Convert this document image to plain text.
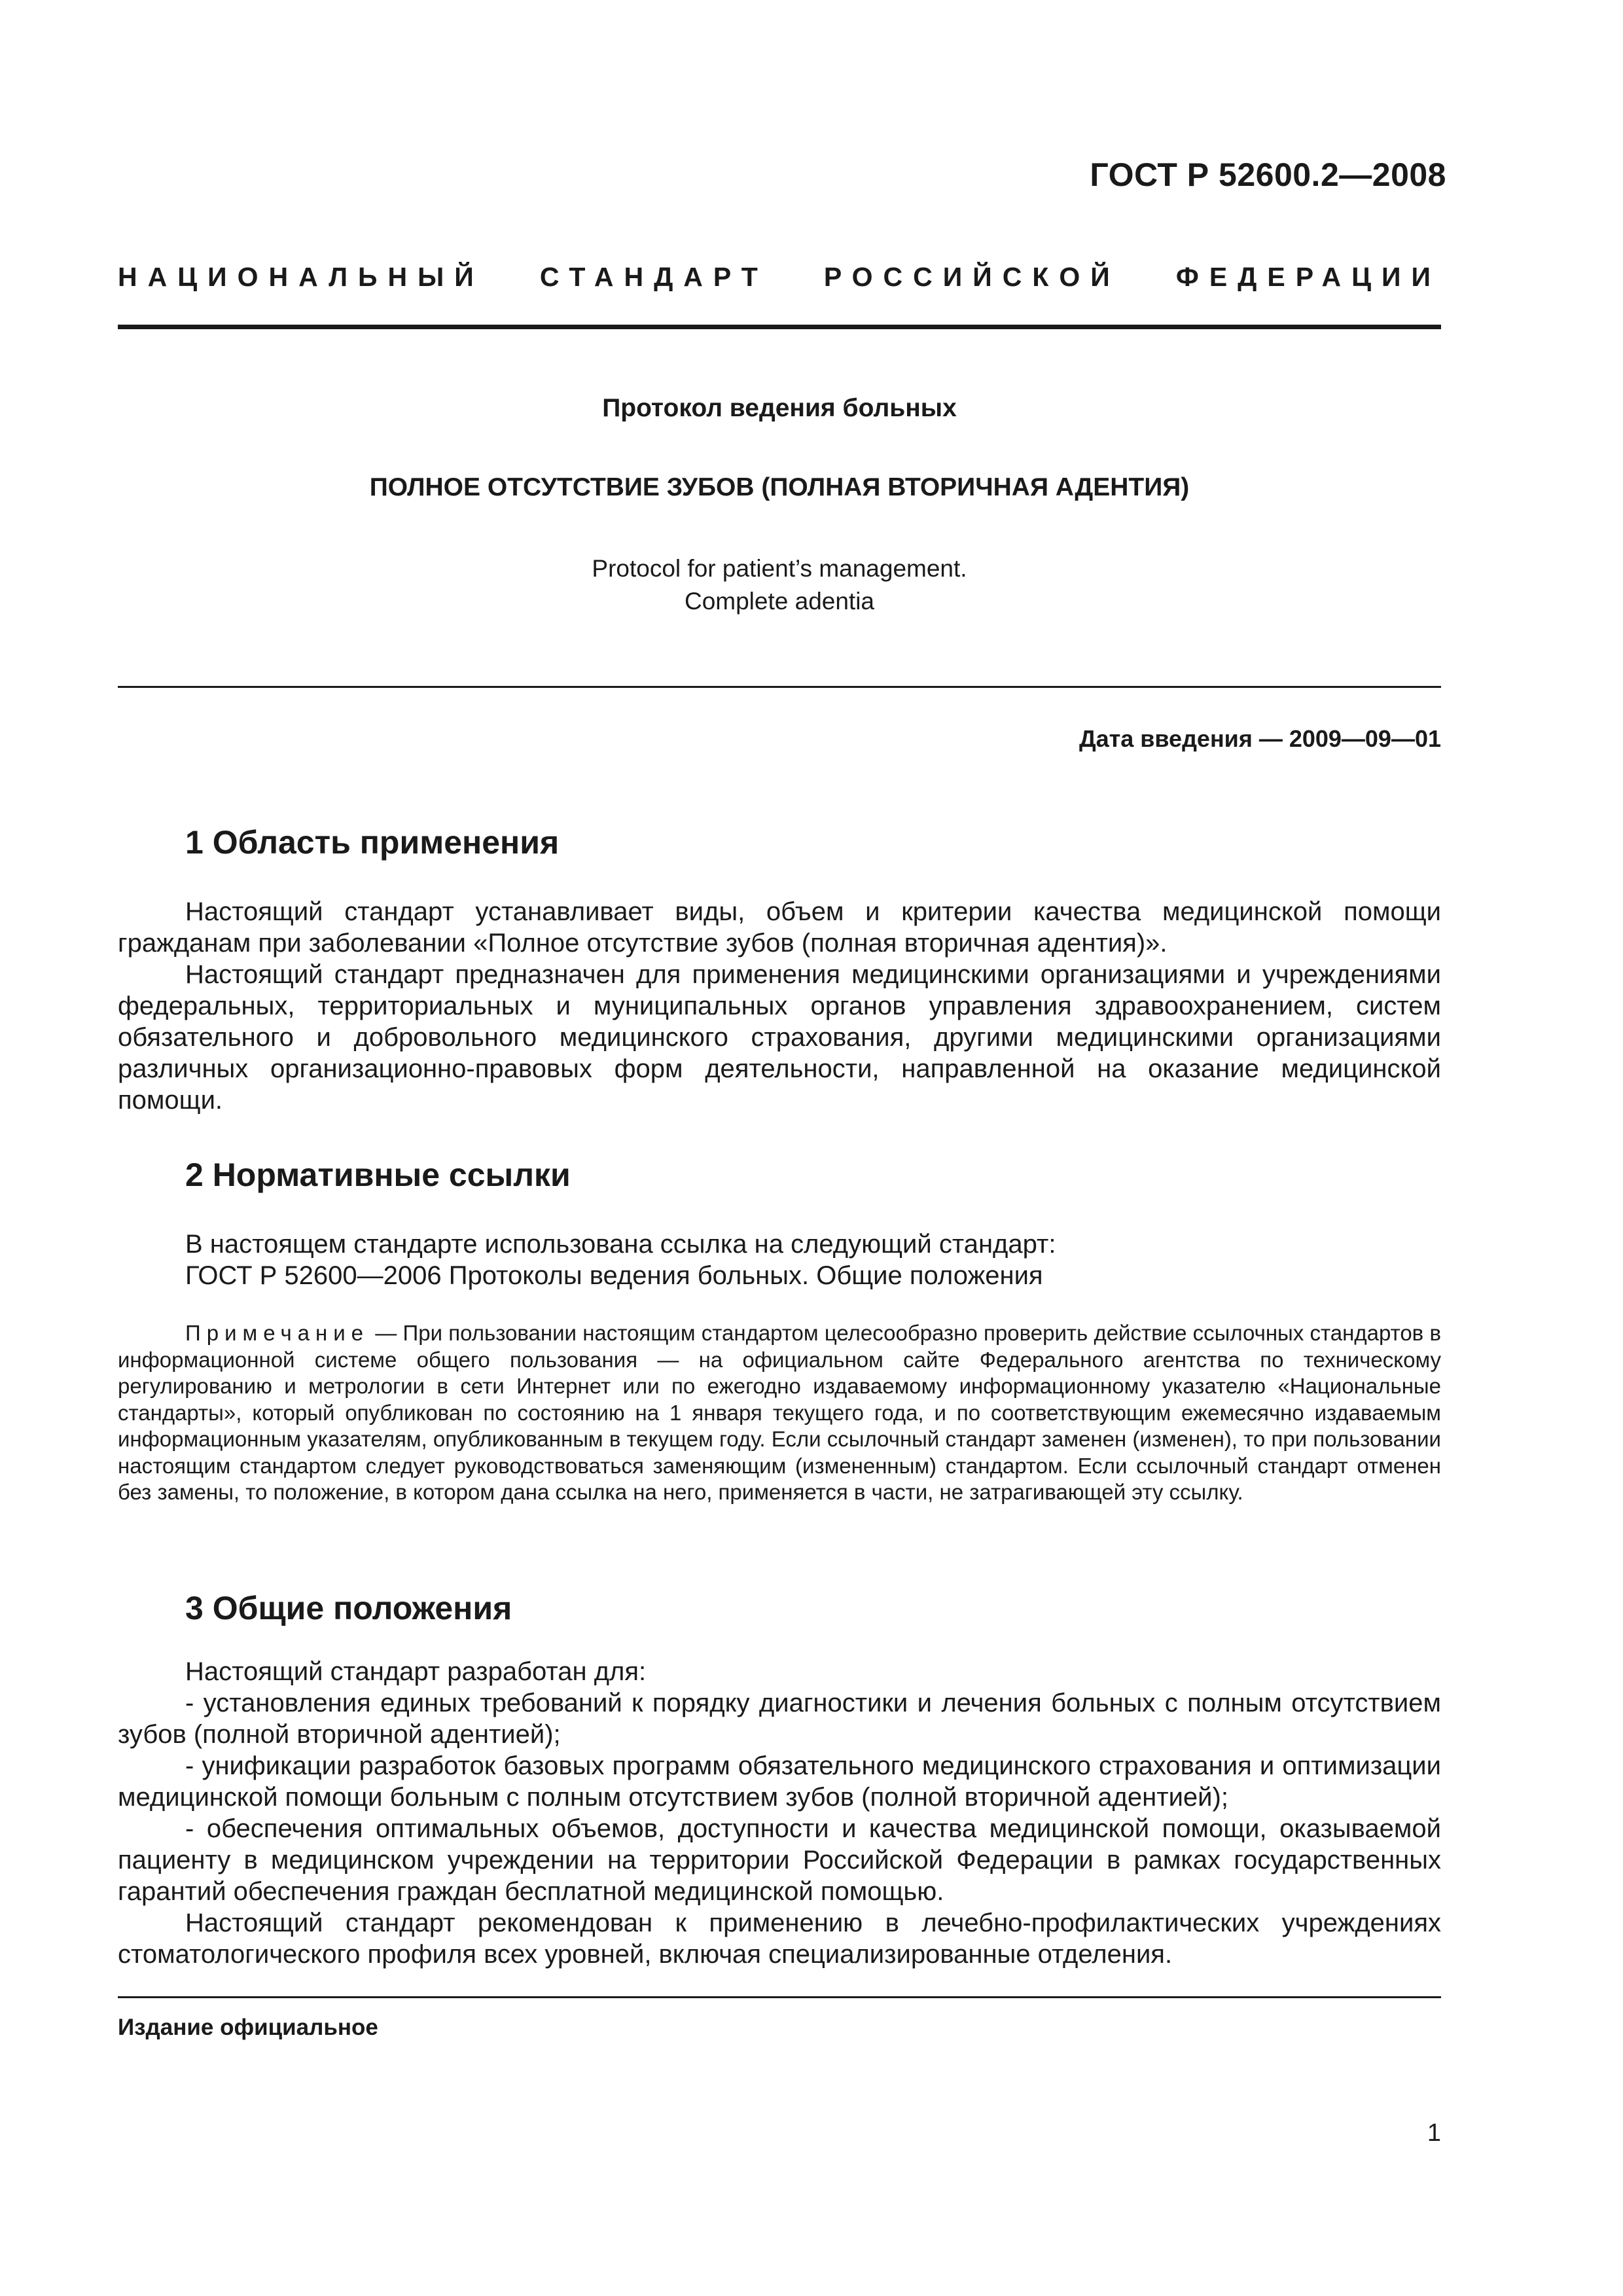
ГОСТ Р 52600.2—2008
НАЦИОНАЛЬНЫЙ СТАНДАРТ РОССИЙСКОЙ ФЕДЕРАЦИИ
Протокол ведения больных
ПОЛНОЕ ОТСУТСТВИЕ ЗУБОВ (ПОЛНАЯ ВТОРИЧНАЯ АДЕНТИЯ)
Protocol for patient’s management.
Complete adentia
Дата введения — 2009—09—01
1 Область применения

Настоящий стандарт устанавливает виды, объем и критерии качества медицинской помощи гражданам при заболевании «Полное отсутствие зубов (полная вторичная адентия)».

Настоящий стандарт предназначен для применения медицинскими организациями и учреждениями федеральных, территориальных и муниципальных органов управления здравоохранением, систем обязательного и добровольного медицинского страхования, другими медицинскими организациями различных организационно-правовых форм деятельности, направленной на оказание медицинской помощи.

2 Нормативные ссылки

В настоящем стандарте использована ссылка на следующий стандарт:

ГОСТ Р 52600—2006 Протоколы ведения больных. Общие положения

Примечание — При пользовании настоящим стандартом целесообразно проверить действие ссылочных стандартов в информационной системе общего пользования — на официальном сайте Федерального агентства по техническому регулированию и метрологии в сети Интернет или по ежегодно издаваемому информационному указателю «Национальные стандарты», который опубликован по состоянию на 1 января текущего года, и по соответствующим ежемесячно издаваемым информационным указателям, опубликованным в текущем году. Если ссылочный стандарт заменен (изменен), то при пользовании настоящим стандартом следует руководствоваться заменяющим (измененным) стандартом. Если ссылочный стандарт отменен без замены, то положение, в котором дана ссылка на него, применяется в части, не затрагивающей эту ссылку.

3 Общие положения

Настоящий стандарт разработан для:

- установления единых требований к порядку диагностики и лечения больных с полным отсутствием зубов (полной вторичной адентией);

- унификации разработок базовых программ обязательного медицинского страхования и оптимизации медицинской помощи больным с полным отсутствием зубов (полной вторичной адентией);

- обеспечения оптимальных объемов, доступности и качества медицинской помощи, оказываемой пациенту в медицинском учреждении на территории Российской Федерации в рамках государственных гарантий обеспечения граждан бесплатной медицинской помощью.

Настоящий стандарт рекомендован к применению в лечебно-профилактических учреждениях стоматологического профиля всех уровней, включая специализированные отделения.

Издание официальное
1
